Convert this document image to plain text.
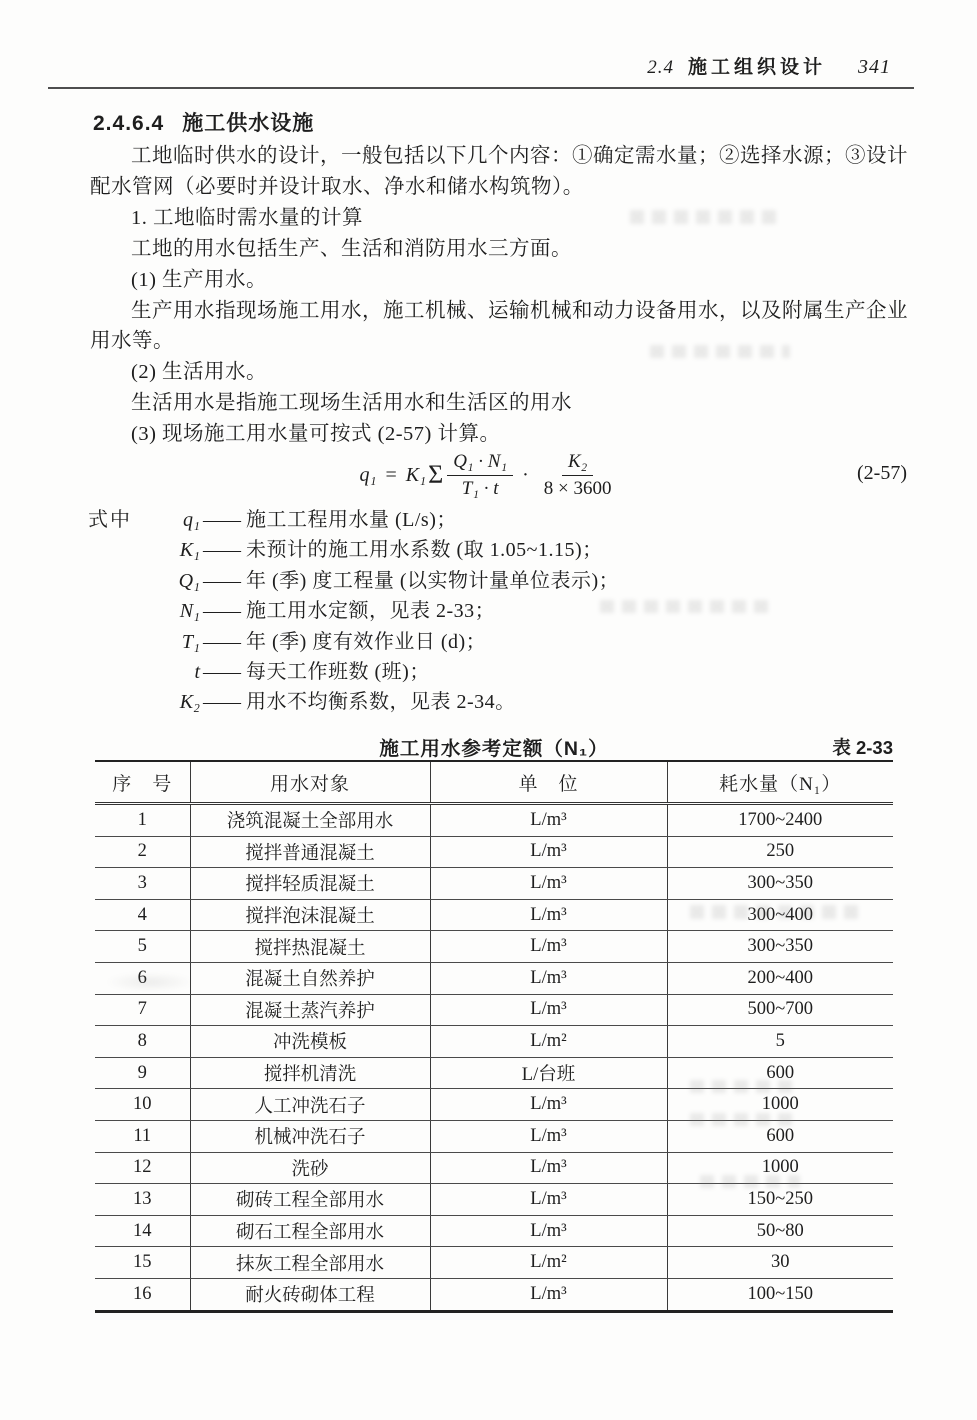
2.4 施工组织设计 341
2.4.6.4 施工供水设施
工地临时供水的设计，一般包括以下几个内容：①确定需水量；②选择水源；③设计
配水管网（必要时并设计取水、净水和储水构筑物）。
1. 工地临时需水量的计算
工地的用水包括生产、生活和消防用水三方面。
(1) 生产用水。
生产用水指现场施工用水，施工机械、运输机械和动力设备用水，以及附属生产企业
用水等。
(2) 生活用水。
生活用水是指施工现场生活用水和生活区的用水
(3) 现场施工用水量可按式 (2-57) 计算。
q₁ = K₁ Σ $\frac{\text{Q₁ · N₁}}{\text{T₁ · t}} \cdot \frac{\text{K₂}}{8 \times 3600}$	(2-57)
式中	q₁ —— 施工工程用水量 (L/s)；
K₁ —— 未预计的施工用水系数 (取 1.05~1.15)；
Q₁ —— 年 (季) 度工程量 (以实物计量单位表示)；
N₁ —— 施工用水定额，见表 2-33；
T₁ —— 年 (季) 度有效作业日 (d)；
t —— 每天工作班数 (班)；
K₂ —— 用水不均衡系数，见表 2-34。
施工用水参考定额（N₁）	表 2-33
序　号	用水对象	单　位	耗水量（N₁）
1	浇筑混凝土全部用水	L/m³	1700~2400
2	搅拌普通混凝土	L/m³	250
3	搅拌轻质混凝土	L/m³	300~350
4	搅拌泡沫混凝土	L/m³	300~400
5	搅拌热混凝土	L/m³	300~350
6	混凝土自然养护	L/m³	200~400
7	混凝土蒸汽养护	L/m³	500~700
8	冲洗模板	L/m²	5
9	搅拌机清洗	L/台班	600
10	人工冲洗石子	L/m³	1000
11	机械冲洗石子	L/m³	600
12	洗砂	L/m³	1000
13	砌砖工程全部用水	L/m³	150~250
14	砌石工程全部用水	L/m³	50~80
15	抹灰工程全部用水	L/m²	30
16	耐火砖砌体工程	L/m³	100~150
